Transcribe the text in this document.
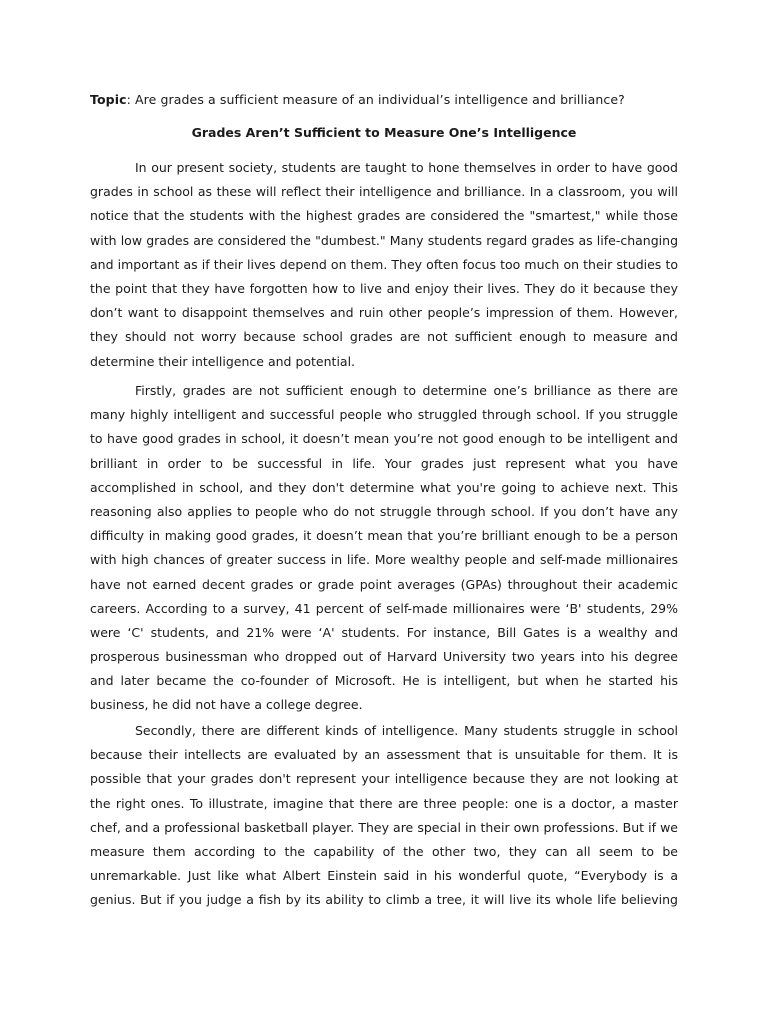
Topic: Are grades a sufficient measure of an individual’s intelligence and brilliance?
Grades Aren’t Sufficient to Measure One’s Intelligence
In our present society, students are taught to hone themselves in order to have good
grades in school as these will reflect their intelligence and brilliance. In a classroom, you will
notice that the students with the highest grades are considered the "smartest," while those
with low grades are considered the "dumbest." Many students regard grades as life-changing
and important as if their lives depend on them. They often focus too much on their studies to
the point that they have forgotten how to live and enjoy their lives. They do it because they
don’t want to disappoint themselves and ruin other people’s impression of them. However,
they should not worry because school grades are not sufficient enough to measure and
determine their intelligence and potential.
Firstly, grades are not sufficient enough to determine one’s brilliance as there are
many highly intelligent and successful people who struggled through school. If you struggle
to have good grades in school, it doesn’t mean you’re not good enough to be intelligent and
brilliant in order to be successful in life. Your grades just represent what you have
accomplished in school, and they don't determine what you're going to achieve next. This
reasoning also applies to people who do not struggle through school. If you don’t have any
difficulty in making good grades, it doesn’t mean that you’re brilliant enough to be a person
with high chances of greater success in life. More wealthy people and self-made millionaires
have not earned decent grades or grade point averages (GPAs) throughout their academic
careers. According to a survey, 41 percent of self-made millionaires were ‘B' students, 29%
were ‘C' students, and 21% were ‘A' students. For instance, Bill Gates is a wealthy and
prosperous businessman who dropped out of Harvard University two years into his degree
and later became the co-founder of Microsoft. He is intelligent, but when he started his
business, he did not have a college degree.
Secondly, there are different kinds of intelligence. Many students struggle in school
because their intellects are evaluated by an assessment that is unsuitable for them. It is
possible that your grades don't represent your intelligence because they are not looking at
the right ones. To illustrate, imagine that there are three people: one is a doctor, a master
chef, and a professional basketball player. They are special in their own professions. But if we
measure them according to the capability of the other two, they can all seem to be
unremarkable. Just like what Albert Einstein said in his wonderful quote, “Everybody is a
genius. But if you judge a fish by its ability to climb a tree, it will live its whole life believing
